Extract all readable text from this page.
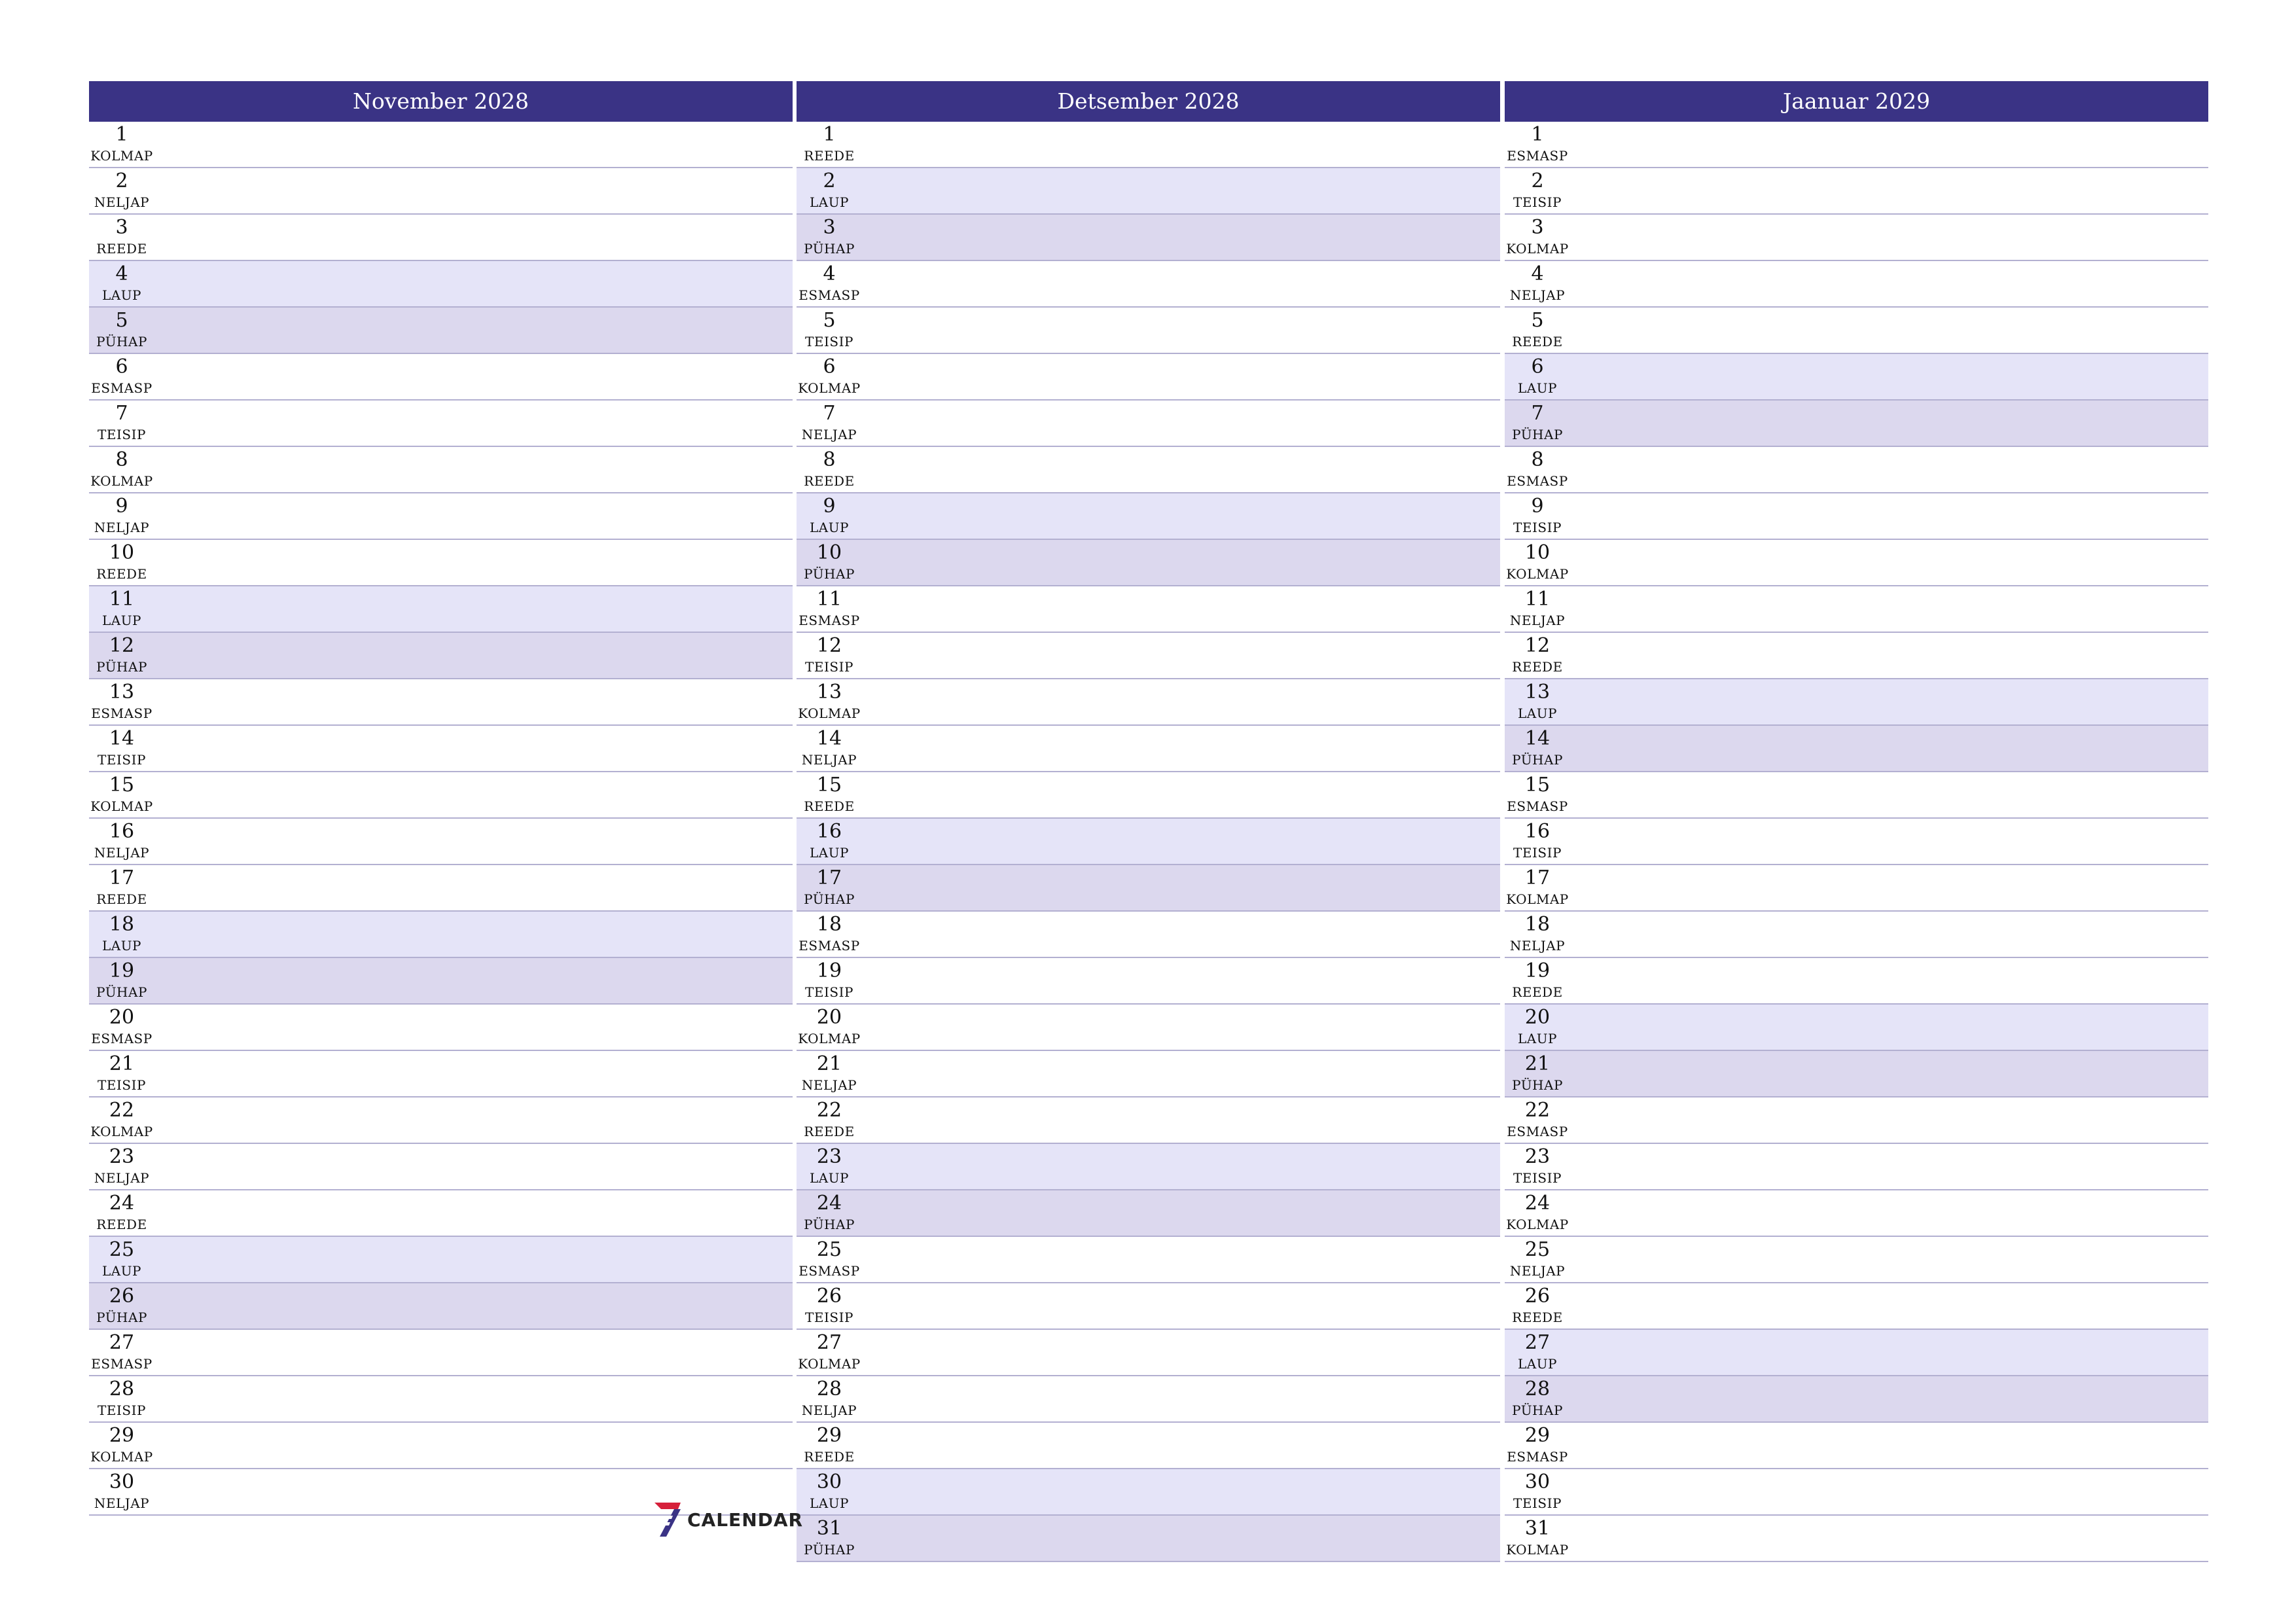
November 2028
1
KOLMAP
2
NELJAP
3
REEDE
4
LAUP
5
PÜHAP
6
ESMASP
7
TEISIP
8
KOLMAP
9
NELJAP
10
REEDE
11
LAUP
12
PÜHAP
13
ESMASP
14
TEISIP
15
KOLMAP
16
NELJAP
17
REEDE
18
LAUP
19
PÜHAP
20
ESMASP
21
TEISIP
22
KOLMAP
23
NELJAP
24
REEDE
25
LAUP
26
PÜHAP
27
ESMASP
28
TEISIP
29
KOLMAP
30
NELJAP
Detsember 2028
1
REEDE
2
LAUP
3
PÜHAP
4
ESMASP
5
TEISIP
6
KOLMAP
7
NELJAP
8
REEDE
9
LAUP
10
PÜHAP
11
ESMASP
12
TEISIP
13
KOLMAP
14
NELJAP
15
REEDE
16
LAUP
17
PÜHAP
18
ESMASP
19
TEISIP
20
KOLMAP
21
NELJAP
22
REEDE
23
LAUP
24
PÜHAP
25
ESMASP
26
TEISIP
27
KOLMAP
28
NELJAP
29
REEDE
30
LAUP
31
PÜHAP
Jaanuar 2029
1
ESMASP
2
TEISIP
3
KOLMAP
4
NELJAP
5
REEDE
6
LAUP
7
PÜHAP
8
ESMASP
9
TEISIP
10
KOLMAP
11
NELJAP
12
REEDE
13
LAUP
14
PÜHAP
15
ESMASP
16
TEISIP
17
KOLMAP
18
NELJAP
19
REEDE
20
LAUP
21
PÜHAP
22
ESMASP
23
TEISIP
24
KOLMAP
25
NELJAP
26
REEDE
27
LAUP
28
PÜHAP
29
ESMASP
30
TEISIP
31
KOLMAP
CALENDAR
